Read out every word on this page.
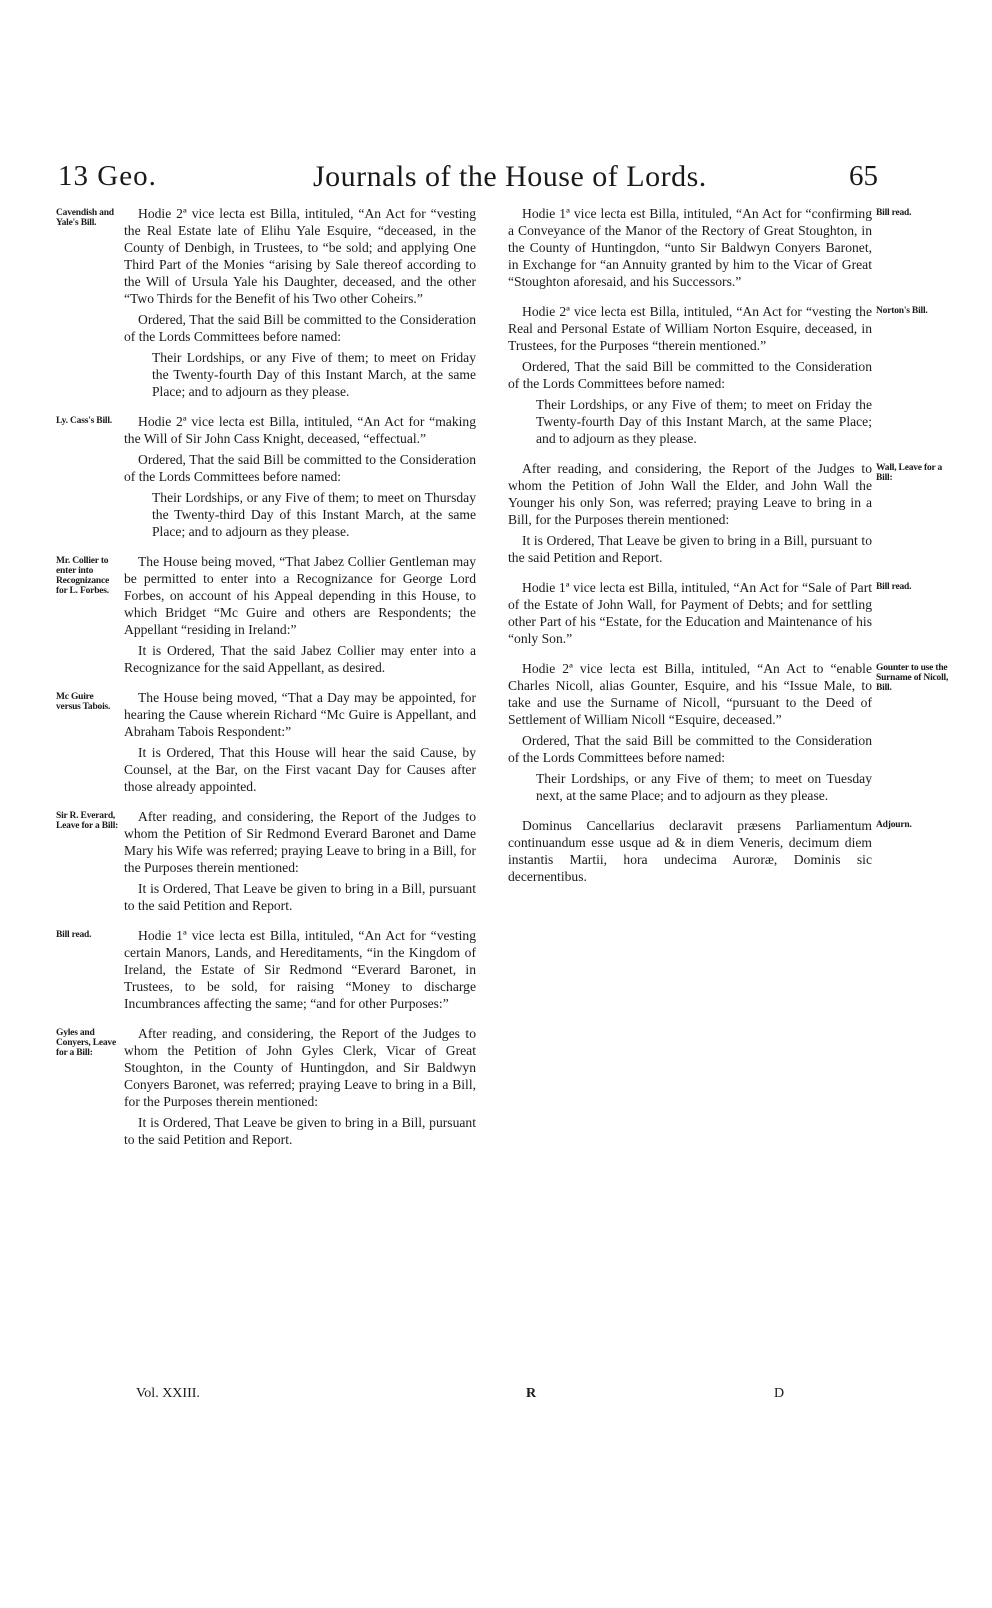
13 Geo.	Journals of the House of Lords.	65
Cavendish and Yale's Bill.

Hodie 2ª vice lecta est Billa, intituled, “An Act for “vesting the Real Estate late of Elihu Yale Esquire, “deceased, in the County of Denbigh, in Trustees, to “be sold; and applying One Third Part of the Monies “arising by Sale thereof according to the Will of Ursula Yale his Daughter, deceased, and the other “Two Thirds for the Benefit of his Two other Coheirs.”

Ordered, That the said Bill be committed to the Consideration of the Lords Committees before named:

Their Lordships, or any Five of them; to meet on Friday the Twenty-fourth Day of this Instant March, at the same Place; and to adjourn as they please.

Ly. Cass's Bill.	Hodie 2ª vice lecta est Billa, intituled, “An Act for “making the Will of Sir John Cass Knight, deceased, “effectual.”

Ordered, That the said Bill be committed to the Consideration of the Lords Committees before named:

Their Lordships, or any Five of them; to meet on Thursday the Twenty-third Day of this Instant March, at the same Place; and to adjourn as they please.

Mr. Collier to enter into Recognizance for L. Forbes.

The House being moved, “That Jabez Collier Gentleman may be permitted to enter into a Recognizance for George Lord Forbes, on account of his Appeal depending in this House, to which Bridget “Mc Guire and others are Respondents; the Appellant “residing in Ireland:”

It is Ordered, That the said Jabez Collier may enter into a Recognizance for the said Appellant, as desired.

Mc Guire versus Tabois.

The House being moved, “That a Day may be appointed, for hearing the Cause wherein Richard “Mc Guire is Appellant, and Abraham Tabois Respondent:”

It is Ordered, That this House will hear the said Cause, by Counsel, at the Bar, on the First vacant Day for Causes after those already appointed.

Sir R. Everard, Leave for a Bill:

After reading, and considering, the Report of the Judges to whom the Petition of Sir Redmond Everard Baronet and Dame Mary his Wife was referred; praying Leave to bring in a Bill, for the Purposes therein mentioned:

It is Ordered, That Leave be given to bring in a Bill, pursuant to the said Petition and Report.

Bill read.	Hodie 1ª vice lecta est Billa, intituled, “An Act for “vesting certain Manors, Lands, and Hereditaments, “in the Kingdom of Ireland, the Estate of Sir Redmond “Everard Baronet, in Trustees, to be sold, for raising “Money to discharge Incumbrances affecting the same; “and for other Purposes:”

Gyles and Conyers, Leave for a Bill:

After reading, and considering, the Report of the Judges to whom the Petition of John Gyles Clerk, Vicar of Great Stoughton, in the County of Huntingdon, and Sir Baldwyn Conyers Baronet, was referred; praying Leave to bring in a Bill, for the Purposes therein mentioned:

It is Ordered, That Leave be given to bring in a Bill, pursuant to the said Petition and Report.

Bill read.

Hodie 1ª vice lecta est Billa, intituled, “An Act for “confirming a Conveyance of the Manor of the Rectory of Great Stoughton, in the County of Huntingdon, “unto Sir Baldwyn Conyers Baronet, in Exchange for “an Annuity granted by him to the Vicar of Great “Stoughton aforesaid, and his Successors.”

Norton's Bill.

Hodie 2ª vice lecta est Billa, intituled, “An Act for “vesting the Real and Personal Estate of William Norton Esquire, deceased, in Trustees, for the Purposes “therein mentioned.”

Ordered, That the said Bill be committed to the Consideration of the Lords Committees before named:

Their Lordships, or any Five of them; to meet on Friday the Twenty-fourth Day of this Instant March, at the same Place; and to adjourn as they please.

Wall, Leave for a Bill:

After reading, and considering, the Report of the Judges to whom the Petition of John Wall the Elder, and John Wall the Younger his only Son, was referred; praying Leave to bring in a Bill, for the Purposes therein mentioned:

It is Ordered, That Leave be given to bring in a Bill, pursuant to the said Petition and Report.

Bill read.

Hodie 1ª vice lecta est Billa, intituled, “An Act for “Sale of Part of the Estate of John Wall, for Payment of Debts; and for settling other Part of his “Estate, for the Education and Maintenance of his “only Son.”

Gounter to use the Surname of Nicoll, Bill.

Hodie 2ª vice lecta est Billa, intituled, “An Act to “enable Charles Nicoll, alias Gounter, Esquire, and his “Issue Male, to take and use the Surname of Nicoll, “pursuant to the Deed of Settlement of William Nicoll “Esquire, deceased.”

Ordered, That the said Bill be committed to the Consideration of the Lords Committees before named:

Their Lordships, or any Five of them; to meet on Tuesday next, at the same Place; and to adjourn as they please.

Adjourn.

Dominus Cancellarius declaravit præsens Parliamentum continuandum esse usque ad & in diem Veneris, decimum diem instantis Martii, hora undecima Auroræ, Dominis sic decernentibus.

Vol. XXIII.	R	D
